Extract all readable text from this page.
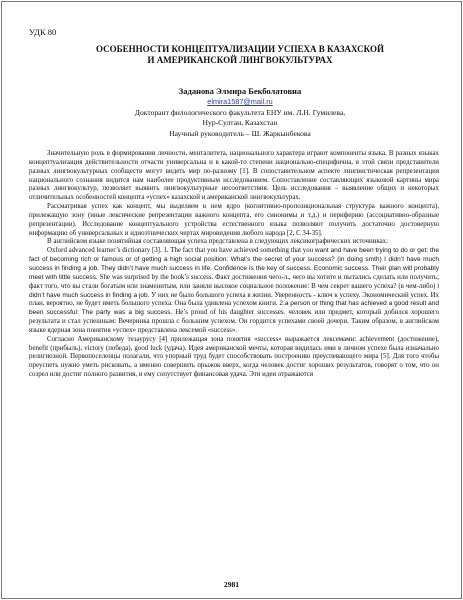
УДК 80
ОСОБЕННОСТИ КОНЦЕПТУАЛИЗАЦИИ УСПЕХА В КАЗАХСКОЙ
И АМЕРИКАНСКОЙ ЛИНГВОКУЛЬТУРАХ
Заданова Элмира Бекболатовна
elmira1587@mail.ru
Докторант филологического факультета ЕНУ им. Л.Н. Гумилева,
Нур-Султан, Казахстан
Научный руководитель – Ш. Жаркынбекова

Значительную роль в формировании личности, менталитета, национального характера играют компоненты языка. В разных языках концептуализация действительности отчасти универсальна и в какой-то степени национально-специфична, в этой связи представители разных лингвокультурных сообществ могут видеть мир по-разному [1]. В сопоставительном аспекте лингвистическая репрезентация национального сознания видится нам наиболее продуктивным исследованием. Сопоставление составляющих языковой картины мира разных лингвокультур, позволяет выявить лингвокультурные несоответствия. Цель исследования – выявление общих и некоторых отличительных особенностей концепта «успех» казахской и американской лингвокультурах.

Рассматривая успех как концепт, мы выделяем в нем ядро (когнитивно-пропозициональная структура важного концепта), прилежащую зону (иные лексические репрезентации важного концепта, его синонимы и т.д.) и периферию (ассоциативно-образные репрезентации). Исследование концептуального устройства естественного языка позволяют получить достаточно достоверную информацию об универсальных и идиоэтнических чертах мировидения любого народа [2, С 34-35].

В английском языке понятийная составляющая успеха представлена в следующих лексикографических источниках:

Oxford advanced learner’s dictionary [3]. 1. The fact that you have achieved something that you want and have been trying to do or get; the fact of becoming rich or famous or of getting a high social position: What’s the secret of your success? (in doing smth) I didn’t have much success in finding a job. They didn’t have much success in life. Confidence is the key of success. Economic success. Their plan will probably meet with little success. She was surprised by the book’s success. Факт достижения чего-л., чего вы хотите и пытались сделать или получить; факт того, что вы стали богатым или знаменитым, или заняли высокое социальное положение: В чем секрет вашего успеха? (в чем-либо) I didn’t have much success in finding a job. У них не было большого успеха в жизни. Уверенность - ключ к успеху. Экономический успех. Их план, вероятно, не будет иметь большого успеха. Она была удивлена успехом книги. 2.a person or thing that has achieved a good result and been successful: The party was a big success. He’s proud of his daughter successes. человек или предмет, который добился хорошего результата и стал успешным: Вечеринка прошла с большим успехом. Он гордится успехами своей дочери. Таким образом, в английском языке ядерная зона понятия «успех» представлена лексемой «success».

Согласно Американскому тезаурусу [4] прилежащая зона понятия «success» выражается лексемами: achievement (достижение), benefit (прибыль), victory (победа), good luck (удача). Идея американской мечты, которая видилась ими в личном успехе была изначально религиозной. Первопоселенцы полагали, что упорный труд будет способствовать построению преуспевающего мира [5]. Для того чтобы преуспеть нужно уметь рисковать, а именно совершить прыжок вверх, когда человек достиг хороших результатов, говорят о том, что он созрел или достиг полного развития, и ему сопутствует финансовая удача. Эти идеи отражаются

2981
